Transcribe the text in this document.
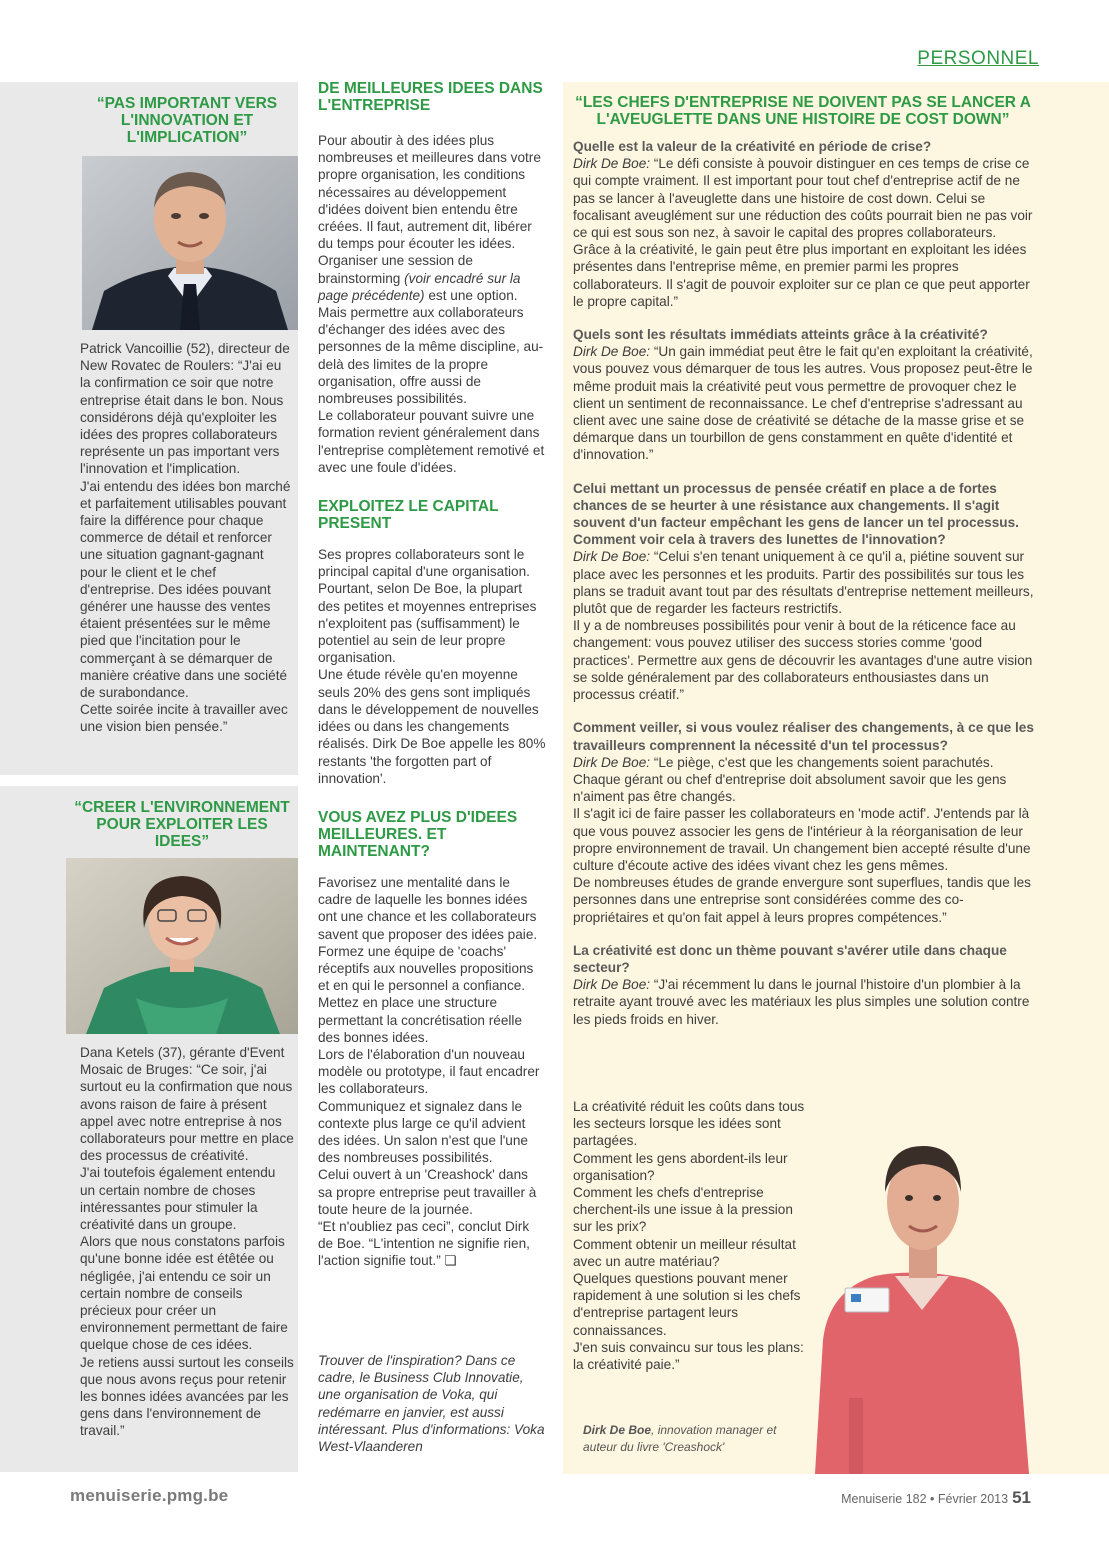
PERSONNEL
“PAS IMPORTANT VERS L'INNOVATION ET L'IMPLICATION”

Patrick Vancoillie (52), directeur de New Rovatec de Roulers: “J'ai eu la confirmation ce soir que notre entreprise était dans le bon. Nous considérons déjà qu'exploiter les idées des propres collaborateurs représente un pas important vers l'innovation et l'implication.

J'ai entendu des idées bon marché et parfaitement utilisables pouvant faire la différence pour chaque commerce de détail et renforcer une situation gagnant-gagnant pour le client et le chef d'entreprise. Des idées pouvant générer une hausse des ventes étaient présentées sur le même pied que l'incitation pour le commerçant à se démarquer de manière créative dans une société de surabondance.

Cette soirée incite à travailler avec une vision bien pensée.”

“CREER L'ENVIRONNEMENT POUR EXPLOITER LES IDEES”

Dana Ketels (37), gérante d'Event Mosaic de Bruges: “Ce soir, j'ai surtout eu la confirmation que nous avons raison de faire à présent appel avec notre entreprise à nos collaborateurs pour mettre en place des processus de créativité.

J'ai toutefois également entendu un certain nombre de choses intéressantes pour stimuler la créativité dans un groupe.

Alors que nous constatons parfois qu'une bonne idée est étêtée ou négligée, j'ai entendu ce soir un certain nombre de conseils précieux pour créer un environnement permettant de faire quelque chose de ces idées.

Je retiens aussi surtout les conseils que nous avons reçus pour retenir les bonnes idées avancées par les gens dans l'environnement de travail.”

DE MEILLEURES IDEES DANS L'ENTREPRISE

Pour aboutir à des idées plus nombreuses et meilleures dans votre propre organisation, les conditions nécessaires au développement d'idées doivent bien entendu être créées. Il faut, autrement dit, libérer du temps pour écouter les idées. Organiser une session de brainstorming (voir encadré sur la page précédente) est une option.

Mais permettre aux collaborateurs d'échanger des idées avec des personnes de la même discipline, au-delà des limites de la propre organisation, offre aussi de nombreuses possibilités.

Le collaborateur pouvant suivre une formation revient généralement dans l'entreprise complètement remotivé et avec une foule d'idées.

EXPLOITEZ LE CAPITAL PRESENT

Ses propres collaborateurs sont le principal capital d'une organisation. Pourtant, selon De Boe, la plupart des petites et moyennes entreprises n'exploitent pas (suffisamment) le potentiel au sein de leur propre organisation.

Une étude révèle qu'en moyenne seuls 20% des gens sont impliqués dans le développement de nouvelles idées ou dans les changements réalisés. Dirk De Boe appelle les 80% restants 'the forgotten part of innovation'.

VOUS AVEZ PLUS D'IDEES MEILLEURES. ET MAINTENANT?

Favorisez une mentalité dans le cadre de laquelle les bonnes idées ont une chance et les collaborateurs savent que proposer des idées paie.

Formez une équipe de 'coachs' réceptifs aux nouvelles propositions et en qui le personnel a confiance.

Mettez en place une structure permettant la concrétisation réelle des bonnes idées.

Lors de l'élaboration d'un nouveau modèle ou prototype, il faut encadrer les collaborateurs.

Communiquez et signalez dans le contexte plus large ce qu'il advient des idées. Un salon n'est que l'une des nombreuses possibilités.

Celui ouvert à un 'Creashock' dans sa propre entreprise peut travailler à toute heure de la journée.

“Et n'oubliez pas ceci”, conclut Dirk de Boe. “L'intention ne signifie rien, l'action signifie tout.” ❏

Trouver de l'inspiration? Dans ce cadre, le Business Club Innovatie, une organisation de Voka, qui redémarre en janvier, est aussi intéressant. Plus d'informations: Voka West-Vlaanderen
“LES CHEFS D'ENTREPRISE NE DOIVENT PAS SE LANCER A L'AVEUGLETTE DANS UNE HISTOIRE DE COST DOWN”

Quelle est la valeur de la créativité en période de crise?

Dirk De Boe: “Le défi consiste à pouvoir distinguer en ces temps de crise ce qui compte vraiment. Il est important pour tout chef d'entreprise actif de ne pas se lancer à l'aveuglette dans une histoire de cost down. Celui se focalisant aveuglément sur une réduction des coûts pourrait bien ne pas voir ce qui est sous son nez, à savoir le capital des propres collaborateurs.

Grâce à la créativité, le gain peut être plus important en exploitant les idées présentes dans l'entreprise même, en premier parmi les propres collaborateurs. Il s'agit de pouvoir exploiter sur ce plan ce que peut apporter le propre capital.”

Quels sont les résultats immédiats atteints grâce à la créativité?

Dirk De Boe: “Un gain immédiat peut être le fait qu'en exploitant la créativité, vous pouvez vous démarquer de tous les autres. Vous proposez peut-être le même produit mais la créativité peut vous permettre de provoquer chez le client un sentiment de reconnaissance. Le chef d'entreprise s'adressant au client avec une saine dose de créativité se détache de la masse grise et se démarque dans un tourbillon de gens constamment en quête d'identité et d'innovation.”

Celui mettant un processus de pensée créatif en place a de fortes chances de se heurter à une résistance aux changements. Il s'agit souvent d'un facteur empêchant les gens de lancer un tel processus. Comment voir cela à travers des lunettes de l'innovation?

Dirk De Boe: “Celui s'en tenant uniquement à ce qu'il a, piétine souvent sur place avec les personnes et les produits. Partir des possibilités sur tous les plans se traduit avant tout par des résultats d'entreprise nettement meilleurs, plutôt que de regarder les facteurs restrictifs.

Il y a de nombreuses possibilités pour venir à bout de la réticence face au changement: vous pouvez utiliser des success stories comme 'good practices'. Permettre aux gens de découvrir les avantages d'une autre vision se solde généralement par des collaborateurs enthousiastes dans un processus créatif.”

Comment veiller, si vous voulez réaliser des changements, à ce que les travailleurs comprennent la nécessité d'un tel processus?

Dirk De Boe: “Le piège, c'est que les changements soient parachutés. Chaque gérant ou chef d'entreprise doit absolument savoir que les gens n'aiment pas être changés.

Il s'agit ici de faire passer les collaborateurs en 'mode actif'. J'entends par là que vous pouvez associer les gens de l'intérieur à la réorganisation de leur propre environnement de travail. Un changement bien accepté résulte d'une culture d'écoute active des idées vivant chez les gens mêmes.

De nombreuses études de grande envergure sont superflues, tandis que les personnes dans une entreprise sont considérées comme des co-propriétaires et qu'on fait appel à leurs propres compétences.”

La créativité est donc un thème pouvant s'avérer utile dans chaque secteur?

Dirk De Boe: “J'ai récemment lu dans le journal l'histoire d'un plombier à la retraite ayant trouvé avec les matériaux les plus simples une solution contre les pieds froids en hiver.

La créativité réduit les coûts dans tous les secteurs lorsque les idées sont partagées.

Comment les gens abordent-ils leur organisation?

Comment les chefs d'entreprise cherchent-ils une issue à la pression sur les prix?

Comment obtenir un meilleur résultat avec un autre matériau?

Quelques questions pouvant mener rapidement à une solution si les chefs d'entreprise partagent leurs connaissances.

J'en suis convaincu sur tous les plans: la créativité paie.”

Dirk De Boe, innovation manager et auteur du livre 'Creashock'
menuiserie.pmg.be	Menuiserie 182 • Février 2013 51
